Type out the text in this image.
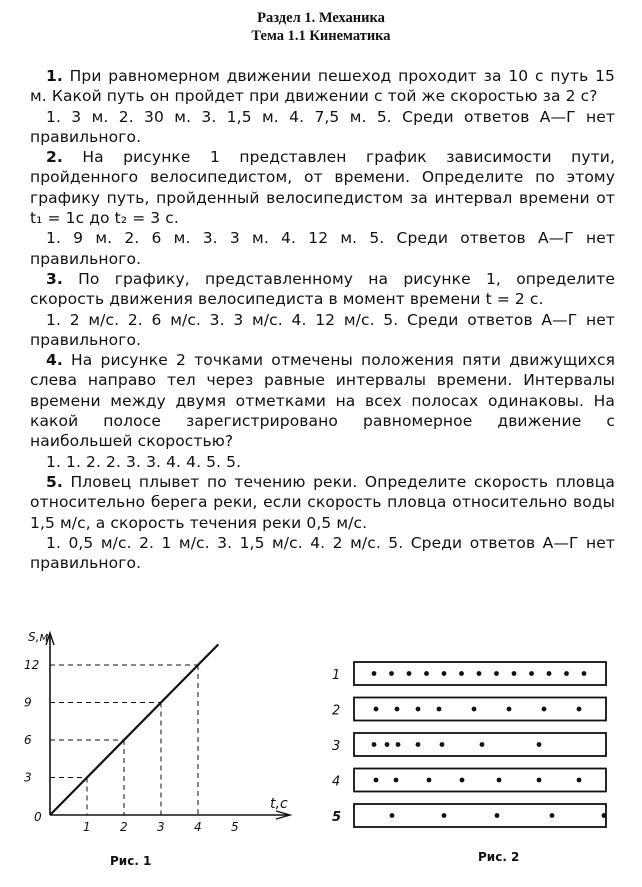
Раздел 1. Механика
Тема 1.1 Кинематика

1. При равномерном движении пешеход проходит за 10 с путь 15 м. Какой путь он пройдет при движении с той же скоростью за 2 с?

1. 3 м. 2. 30 м. 3. 1,5 м. 4. 7,5 м. 5. Среди ответов А—Г нет правильного.

2. На рисунке 1 представлен график зависимости пути, пройденного велосипедистом, от времени. Определите по этому графику путь, пройденный велосипедистом за интервал времени от t₁ = 1с до t₂ = 3 с.

1. 9 м. 2. 6 м. 3. 3 м. 4. 12 м. 5. Среди ответов А—Г нет правильного.

3. По графику, представленному на рисунке 1, определите скорость движения велосипедиста в момент времени t = 2 с.

1. 2 м/с. 2. 6 м/с. 3. 3 м/с. 4. 12 м/с. 5. Среди ответов А—Г нет правильного.

4. На рисунке 2 точками отмечены положения пяти движущихся слева направо тел через равные интервалы времени. Интервалы времени между двумя отметками на всех полосах одинаковы. На какой полосе зарегистрировано равномерное движение с наибольшей скоростью?

1. 1. 2. 2. 3. 3. 4. 4. 5. 5.

5. Пловец плывет по течению реки. Определите скорость пловца относительно берега реки, если скорость пловца относительно воды 1,5 м/с, а скорость течения реки 0,5 м/с.

1. 0,5 м/с. 2. 1 м/с. 3. 1,5 м/с. 4. 2 м/с. 5. Среди ответов А—Г нет правильного.

1 2 3 4 5
3
6
9
12
S,м
t,c
0
Рис. 1
1
2
3
4
5
Рис. 2
